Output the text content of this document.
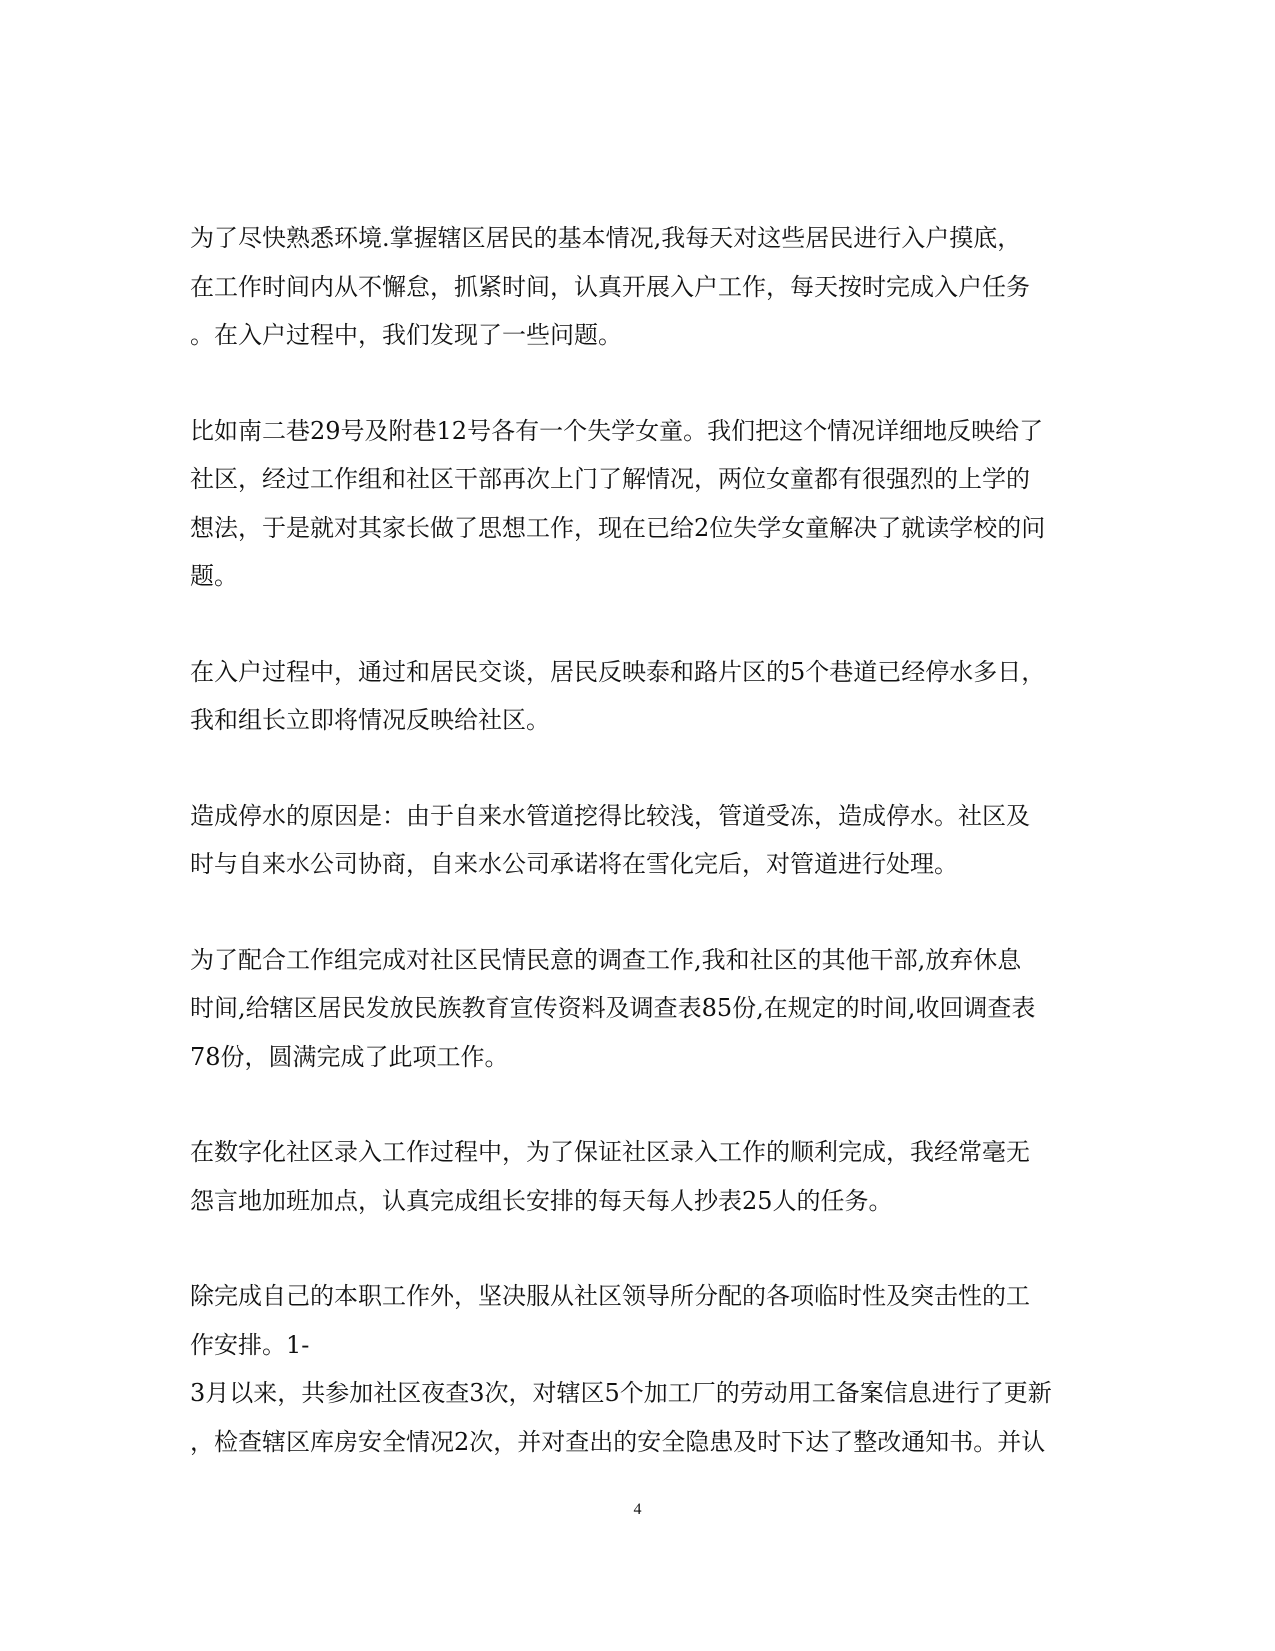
为了尽快熟悉环境.掌握辖区居民的基本情况,我每天对这些居民进行入户摸底，
在工作时间内从不懈怠，抓紧时间，认真开展入户工作，每天按时完成入户任务
。在入户过程中，我们发现了一些问题。
比如南二巷29号及附巷12号各有一个失学女童。我们把这个情况详细地反映给了
社区，经过工作组和社区干部再次上门了解情况，两位女童都有很强烈的上学的
想法，于是就对其家长做了思想工作，现在已给2位失学女童解决了就读学校的问
题。
在入户过程中，通过和居民交谈，居民反映泰和路片区的5个巷道已经停水多日，
我和组长立即将情况反映给社区。
造成停水的原因是：由于自来水管道挖得比较浅，管道受冻，造成停水。社区及
时与自来水公司协商，自来水公司承诺将在雪化完后，对管道进行处理。
为了配合工作组完成对社区民情民意的调查工作,我和社区的其他干部,放弃休息
时间,给辖区居民发放民族教育宣传资料及调查表85份,在规定的时间,收回调查表
78份，圆满完成了此项工作。
在数字化社区录入工作过程中，为了保证社区录入工作的顺利完成，我经常毫无
怨言地加班加点，认真完成组长安排的每天每人抄表25人的任务。
除完成自己的本职工作外，坚决服从社区领导所分配的各项临时性及突击性的工
作安排。1-
3月以来，共参加社区夜查3次，对辖区5个加工厂的劳动用工备案信息进行了更新
，检查辖区库房安全情况2次，并对查出的安全隐患及时下达了整改通知书。并认
4
